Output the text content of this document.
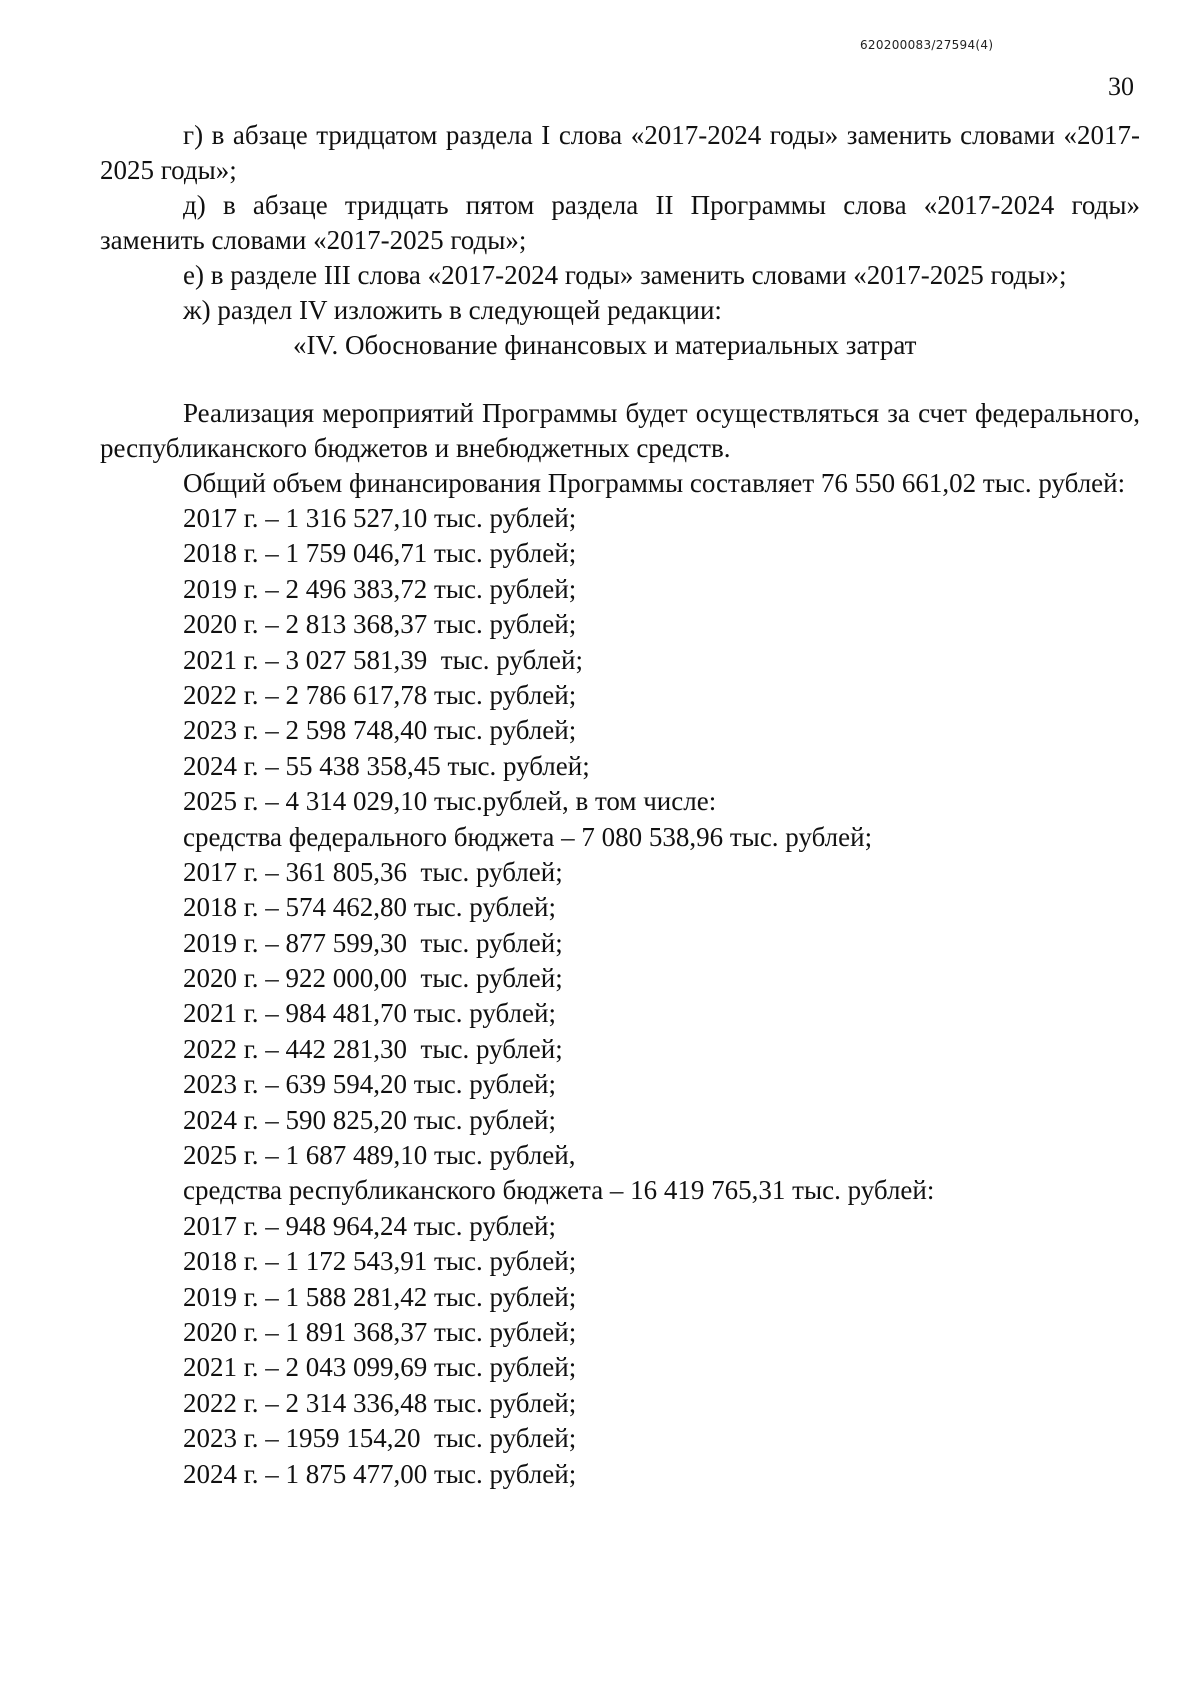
620200083/27594(4)
30

г) в абзаце тридцатом раздела I слова «2017-2024 годы» заменить словами «2017-2025 годы»;

д) в абзаце тридцать пятом раздела II Программы слова «2017-2024 годы» заменить словами «2017-2025 годы»;

е) в разделе III слова «2017-2024 годы» заменить словами «2017-2025 годы»;

ж) раздел IV изложить в следующей редакции:

«IV. Обоснование финансовых и материальных затрат

Реализация мероприятий Программы будет осуществляться за счет федерального, республиканского бюджетов и внебюджетных средств.

Общий объем финансирования Программы составляет 76 550 661,02 тыс. рублей:

2017 г. – 1 316 527,10 тыс. рублей;

2018 г. – 1 759 046,71 тыс. рублей;

2019 г. – 2 496 383,72 тыс. рублей;

2020 г. – 2 813 368,37 тыс. рублей;

2021 г. – 3 027 581,39  тыс. рублей;

2022 г. – 2 786 617,78 тыс. рублей;

2023 г. – 2 598 748,40 тыс. рублей;

2024 г. – 55 438 358,45 тыс. рублей;

2025 г. – 4 314 029,10 тыс.рублей, в том числе:

средства федерального бюджета – 7 080 538,96 тыс. рублей;

2017 г. – 361 805,36  тыс. рублей;

2018 г. – 574 462,80 тыс. рублей;

2019 г. – 877 599,30  тыс. рублей;

2020 г. – 922 000,00  тыс. рублей;

2021 г. – 984 481,70 тыс. рублей;

2022 г. – 442 281,30  тыс. рублей;

2023 г. – 639 594,20 тыс. рублей;

2024 г. – 590 825,20 тыс. рублей;

2025 г. – 1 687 489,10 тыс. рублей,

средства республиканского бюджета – 16 419 765,31 тыс. рублей:

2017 г. – 948 964,24 тыс. рублей;

2018 г. – 1 172 543,91 тыс. рублей;

2019 г. – 1 588 281,42 тыс. рублей;

2020 г. – 1 891 368,37 тыс. рублей;

2021 г. – 2 043 099,69 тыс. рублей;

2022 г. – 2 314 336,48 тыс. рублей;

2023 г. – 1959 154,20  тыс. рублей;

2024 г. – 1 875 477,00 тыс. рублей;
